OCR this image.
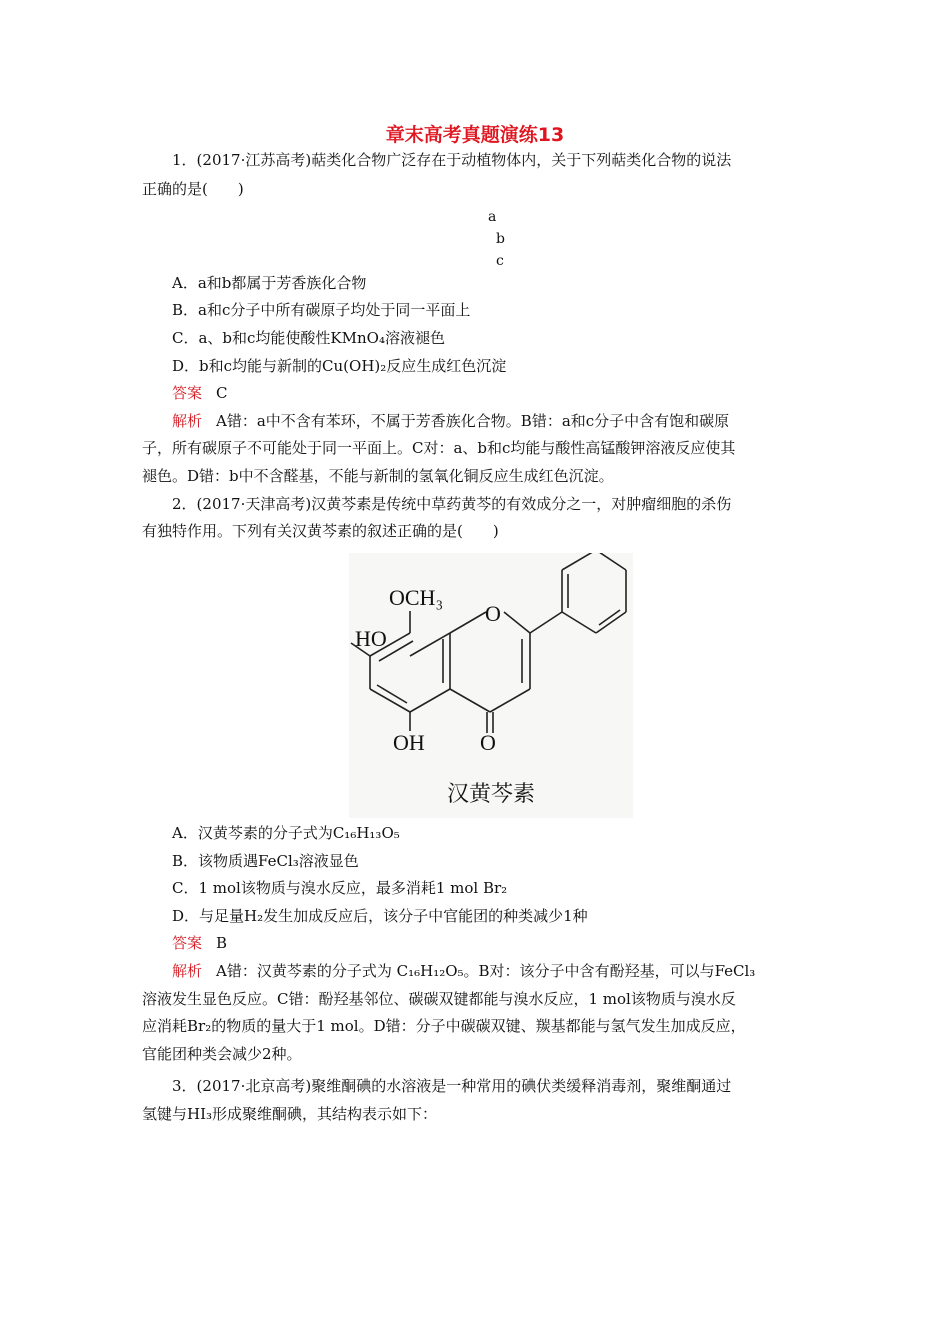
章末高考真题演练13
1．(2017·江苏高考)萜类化合物广泛存在于动植物体内，关于下列萜类化合物的说法
正确的是(　　)
a
b
c
A．a和b都属于芳香族化合物
B．a和c分子中所有碳原子均处于同一平面上
C．a、b和c均能使酸性KMnO₄溶液褪色
D．b和c均能与新制的Cu(OH)₂反应生成红色沉淀
答案 C
解析 A错：a中不含有苯环，不属于芳香族化合物。B错：a和c分子中含有饱和碳原
子，所有碳原子不可能处于同一平面上。C对：a、b和c均能与酸性高锰酸钾溶液反应使其
褪色。D错：b中不含醛基，不能与新制的氢氧化铜反应生成红色沉淀。
2．(2017·天津高考)汉黄芩素是传统中草药黄芩的有效成分之一，对肿瘤细胞的杀伤
有独特作用。下列有关汉黄芩素的叙述正确的是(　　)
OCH₃
HO
O
OH	O
汉黄芩素
A．汉黄芩素的分子式为C₁₆H₁₃O₅
B．该物质遇FeCl₃溶液显色
C．1 mol该物质与溴水反应，最多消耗1 mol Br₂
D．与足量H₂发生加成反应后，该分子中官能团的种类减少1种
答案 B
解析 A错：汉黄芩素的分子式为 C₁₆H₁₂O₅。B对：该分子中含有酚羟基，可以与FeCl₃
溶液发生显色反应。C错：酚羟基邻位、碳碳双键都能与溴水反应，1 mol该物质与溴水反
应消耗Br₂的物质的量大于1 mol。D错：分子中碳碳双键、羰基都能与氢气发生加成反应，
官能团种类会减少2种。
3．(2017·北京高考)聚维酮碘的水溶液是一种常用的碘伏类缓释消毒剂，聚维酮通过
氢键与HI₃形成聚维酮碘，其结构表示如下：
